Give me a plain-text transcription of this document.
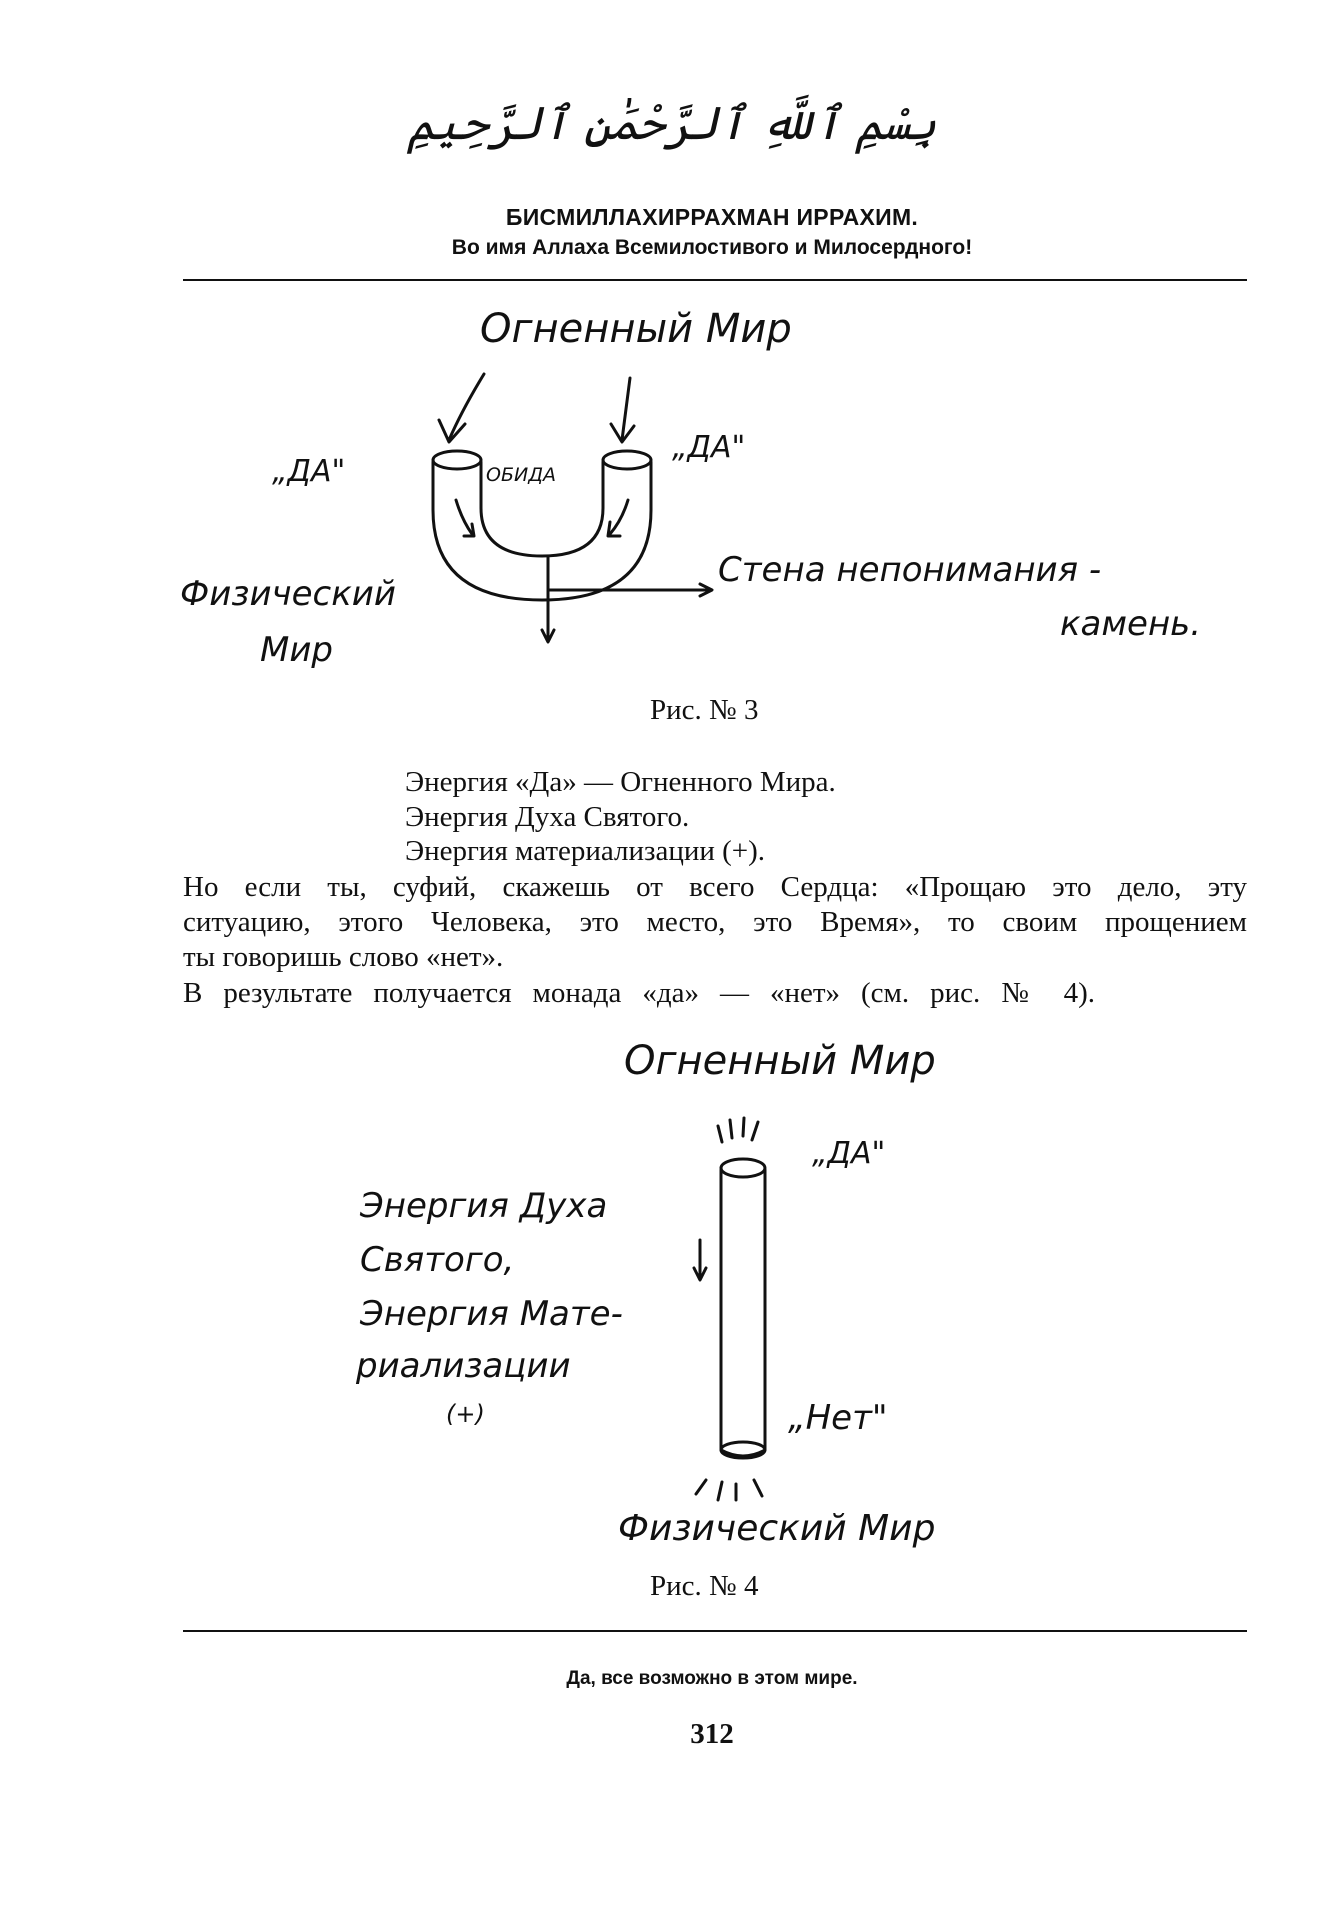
بِسْمِ ٱللَّهِ ٱلرَّحْمَٰنِ ٱلرَّحِيمِ
БИСМИЛЛАХИРРАХМАН ИРРАХИМ.
Во имя Аллаха Всемилостивого и Милосердного!
Огненный Мир
„ДА"
„ДА"
ОБИДА
Физический
Мир
Стена непонимания -
камень.
Рис. № 3
Энергия «Да» — Огненного Мира.
Энергия Духа Святого.
Энергия материализации (+).
Но если ты, суфий, скажешь от всего Сердца: «Прощаю это дело, эту
ситуацию, этого Человека, это место, это Время», то своим прощением
ты говоришь слово «нет».
В результате получается монада «да» — «нет» (см. рис. № 4).
Огненный Мир
„ДА"
Энергия Духа
Святого,
Энергия Мате-
риализации
(+)	„Нет"
Физический Мир
Рис. № 4
Да, все возможно в этом мире.
312
